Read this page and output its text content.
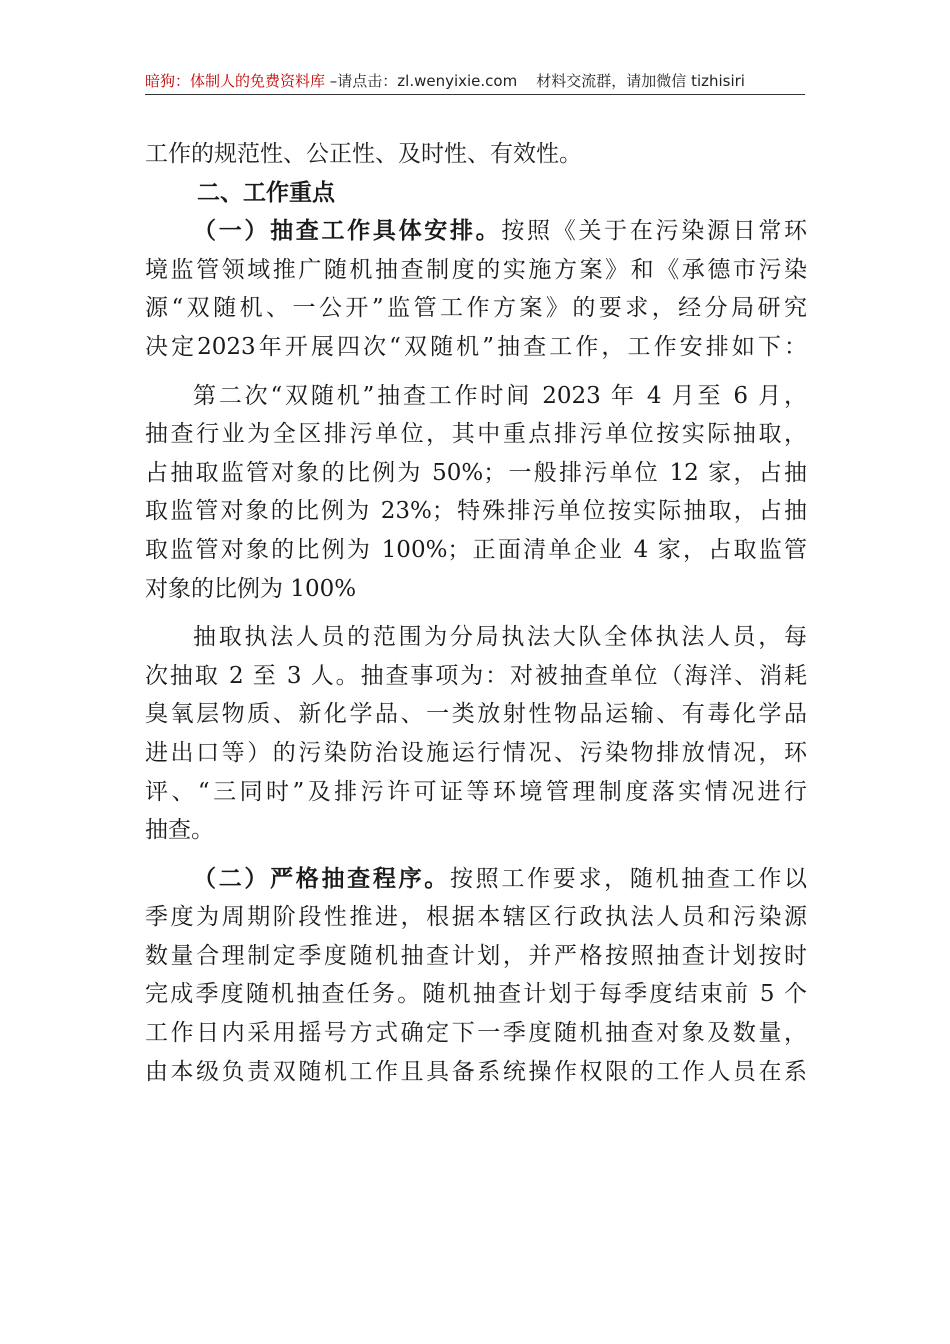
暗狗：体制人的免费资料库 –请点击：zl.wenyixie.com 材料交流群，请加微信 tizhisiri
工作的规范性、公正性、及时性、有效性。
二、工作重点
（一）抽查工作具体安排。按照《关于在污染源日常环
境监管领域推广随机抽查制度的实施方案》和《承德市污染
源“双随机、一公开”监管工作方案》的要求，经分局研究
决定2023年开展四次“双随机”抽查工作，工作安排如下：
第二次“双随机”抽查工作时间 2023 年 4 月至 6 月，
抽查行业为全区排污单位，其中重点排污单位按实际抽取，
占抽取监管对象的比例为 50%；一般排污单位 12 家，占抽
取监管对象的比例为 23%；特殊排污单位按实际抽取，占抽
取监管对象的比例为 100%；正面清单企业 4 家，占取监管
对象的比例为 100%
抽取执法人员的范围为分局执法大队全体执法人员，每
次抽取 2 至 3 人。抽查事项为：对被抽查单位（海洋、消耗
臭氧层物质、新化学品、一类放射性物品运输、有毒化学品
进出口等）的污染防治设施运行情况、污染物排放情况，环
评、“三同时”及排污许可证等环境管理制度落实情况进行
抽查。
（二）严格抽查程序。按照工作要求，随机抽查工作以
季度为周期阶段性推进，根据本辖区行政执法人员和污染源
数量合理制定季度随机抽查计划，并严格按照抽查计划按时
完成季度随机抽查任务。随机抽查计划于每季度结束前 5 个
工作日内采用摇号方式确定下一季度随机抽查对象及数量，
由本级负责双随机工作且具备系统操作权限的工作人员在系
